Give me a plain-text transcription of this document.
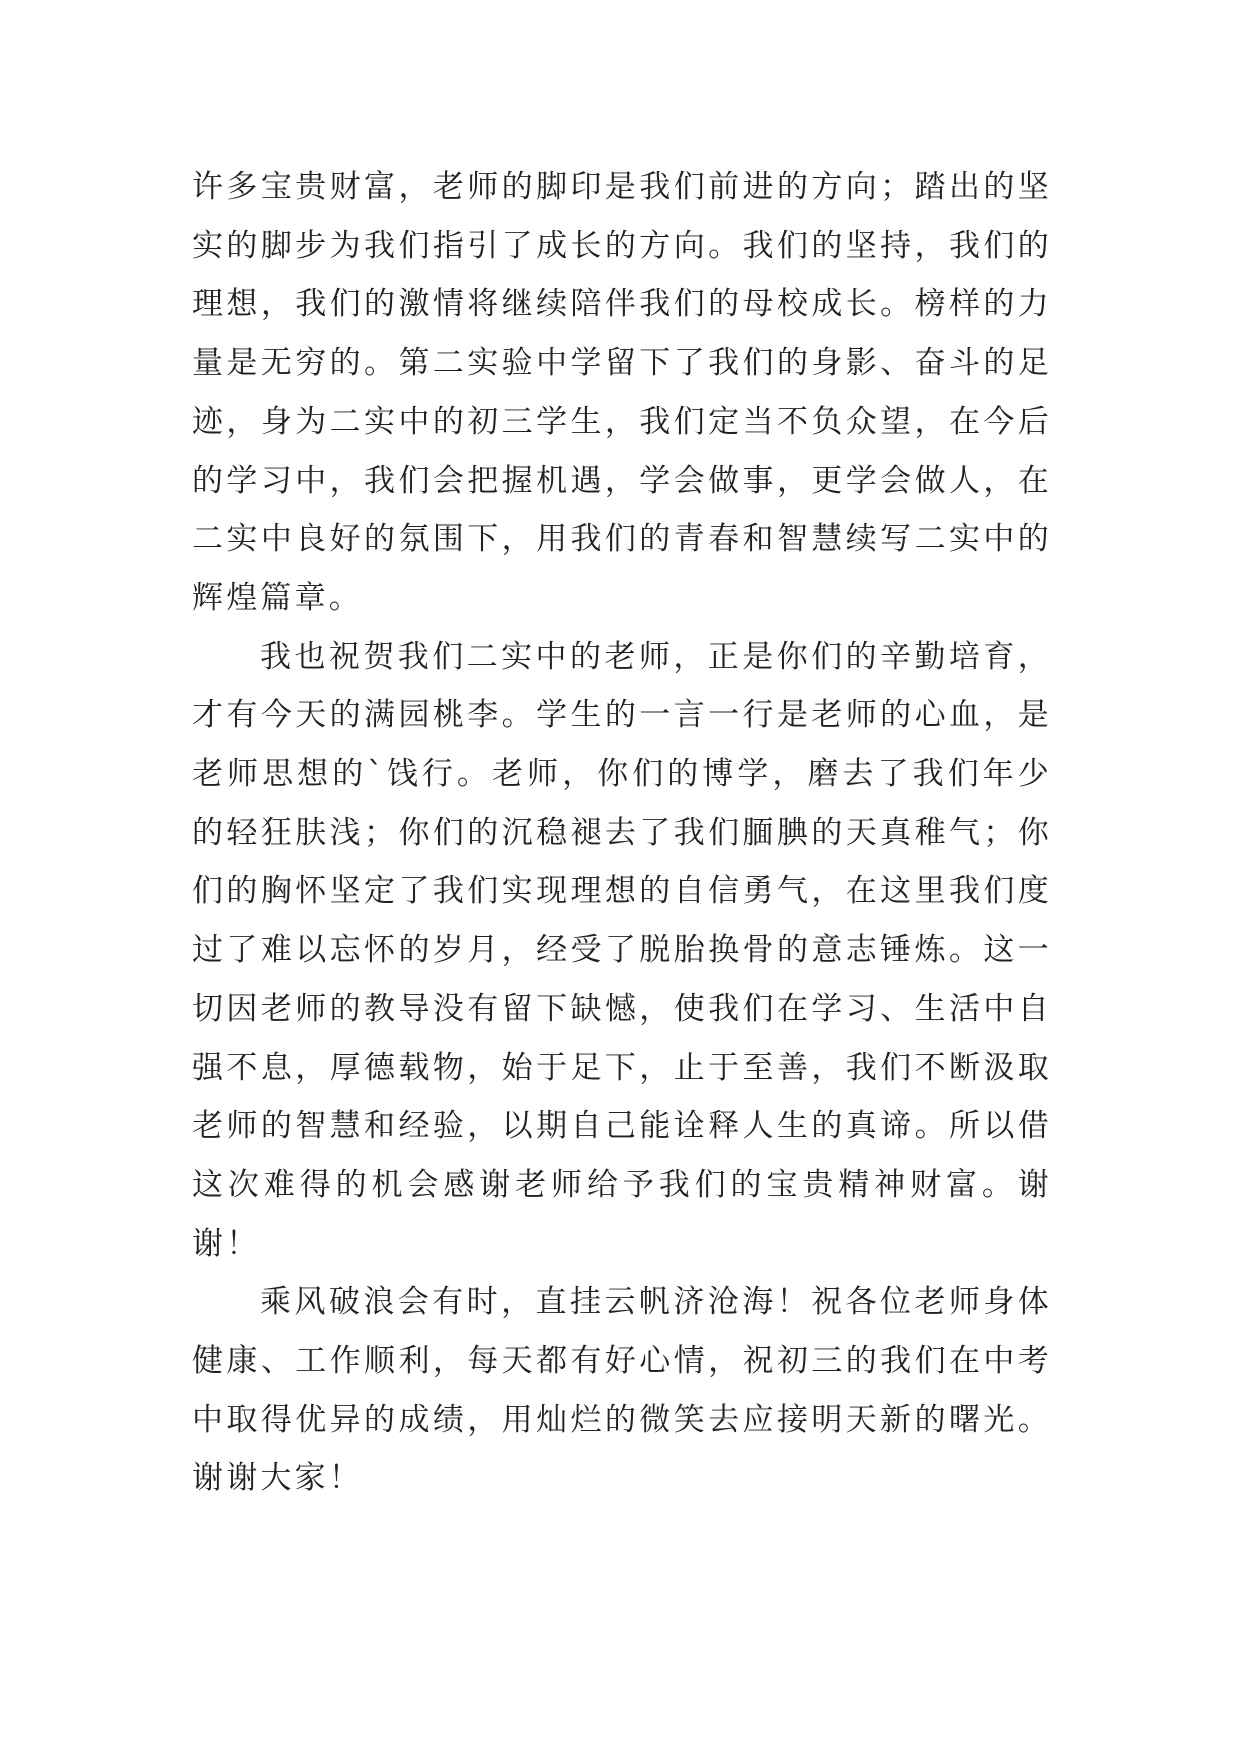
许多宝贵财富，老师的脚印是我们前进的方向；踏出的坚实的脚步为我们指引了成长的方向。我们的坚持，我们的理想，我们的激情将继续陪伴我们的母校成长。榜样的力量是无穷的。第二实验中学留下了我们的身影、奋斗的足迹，身为二实中的初三学生，我们定当不负众望，在今后的学习中，我们会把握机遇，学会做事，更学会做人，在二实中良好的氛围下，用我们的青春和智慧续写二实中的辉煌篇章。

我也祝贺我们二实中的老师，正是你们的辛勤培育，才有今天的满园桃李。学生的一言一行是老师的心血，是老师思想的`饯行。老师，你们的博学，磨去了我们年少的轻狂肤浅；你们的沉稳褪去了我们腼腆的天真稚气；你们的胸怀坚定了我们实现理想的自信勇气，在这里我们度过了难以忘怀的岁月，经受了脱胎换骨的意志锤炼。这一切因老师的教导没有留下缺憾，使我们在学习、生活中自强不息，厚德载物，始于足下，止于至善，我们不断汲取老师的智慧和经验，以期自己能诠释人生的真谛。所以借这次难得的机会感谢老师给予我们的宝贵精神财富。谢谢！

乘风破浪会有时，直挂云帆济沧海！祝各位老师身体健康、工作顺利，每天都有好心情，祝初三的我们在中考中取得优异的成绩，用灿烂的微笑去应接明天新的曙光。谢谢大家！
